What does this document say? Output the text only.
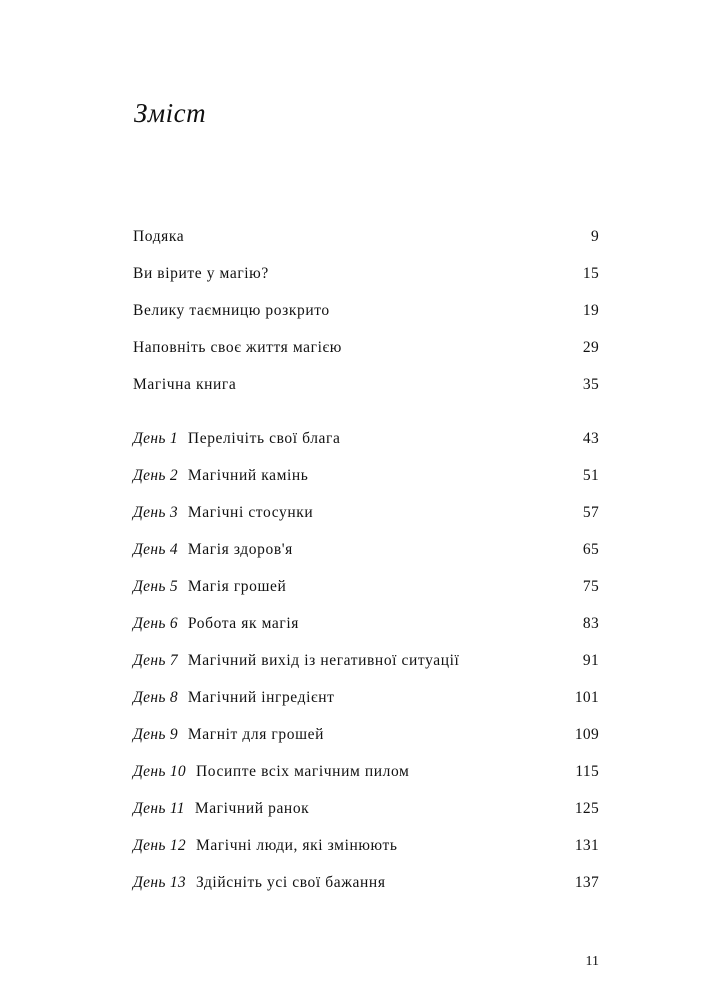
Зміст
Подяка	9
Ви вірите у магію?	15
Велику таємницю розкрито	19
Наповніть своє життя магією	29
Магічна книга	35
День 1 Перелічіть свої блага	43
День 2 Магічний камінь	51
День 3 Магічні стосунки	57
День 4 Магія здоров'я	65
День 5 Магія грошей	75
День 6 Робота як магія	83
День 7 Магічний вихід із негативної ситуації	91
День 8 Магічний інгредієнт	101
День 9 Магніт для грошей	109
День 10 Посипте всіх магічним пилом	115
День 11 Магічний ранок	125
День 12 Магічні люди, які змінюють	131
День 13 Здійсніть усі свої бажання	137
11
